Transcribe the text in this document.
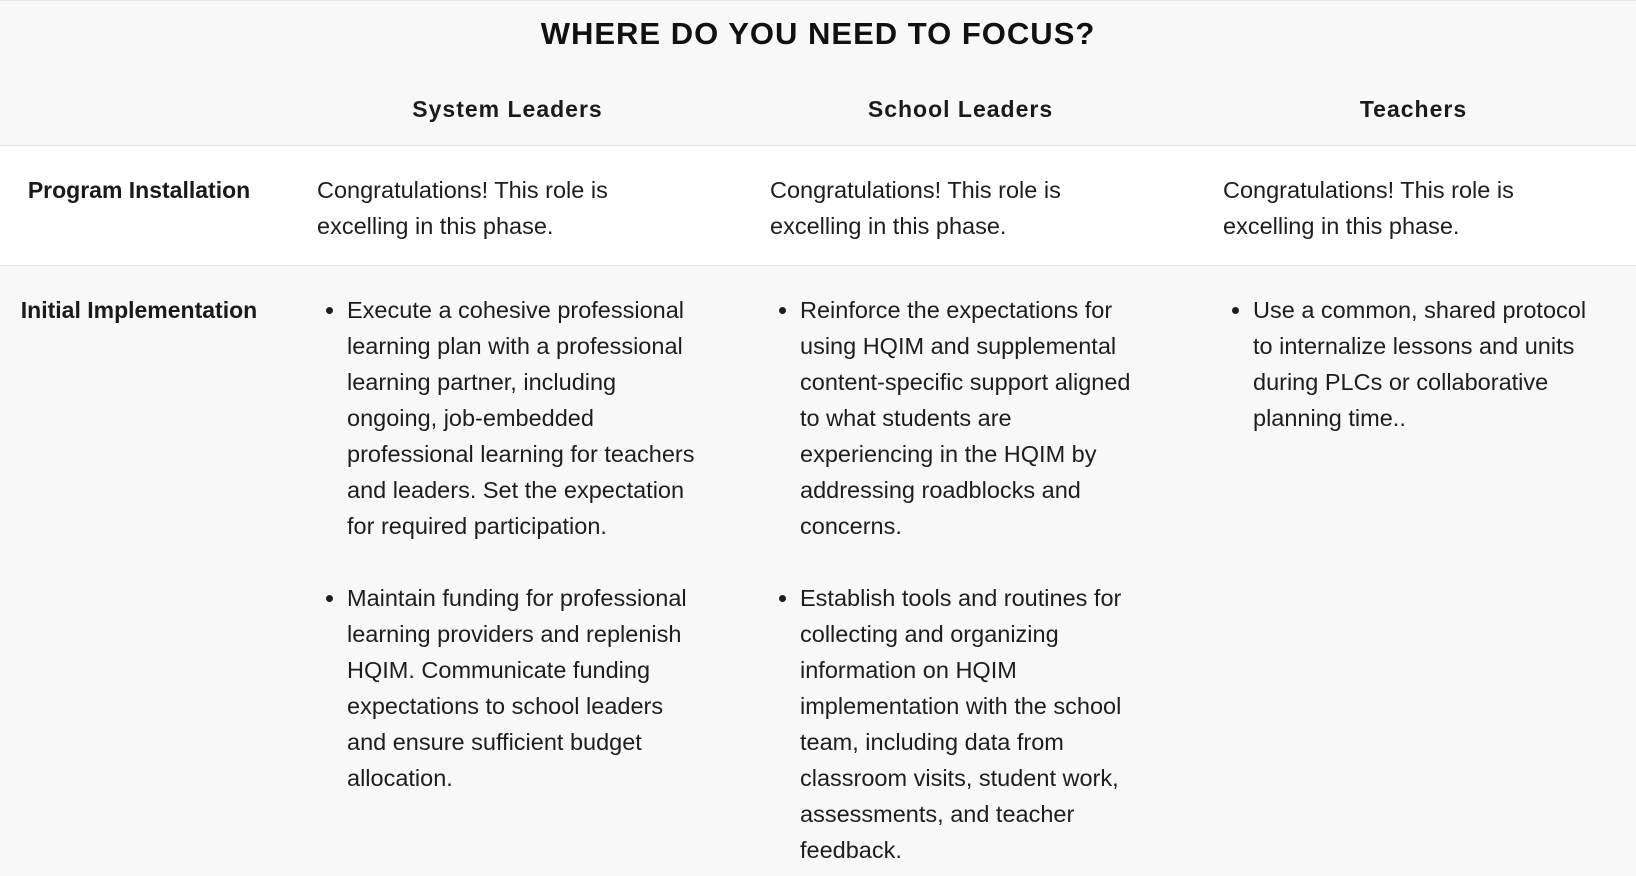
WHERE DO YOU NEED TO FOCUS?
System Leaders	School Leaders	Teachers
Program Installation	Congratulations! This role is excelling in this phase.

Congratulations! This role is excelling in this phase.

Congratulations! This role is excelling in this phase.

Initial Implementation
•	Execute a cohesive professional learning plan with a professional learning partner, including ongoing, job-embedded professional learning for teachers and leaders. Set the expectation for required participation.
• Maintain funding for professional learning providers and replenish HQIM. Communicate funding expectations to school leaders and ensure sufficient budget allocation.
• Reinforce the expectations for using HQIM and supplemental content-specific support aligned to what students are experiencing in the HQIM by addressing roadblocks and concerns.
• Establish tools and routines for collecting and organizing information on HQIM implementation with the school team, including data from classroom visits, student work, assessments, and teacher feedback.
• Use a common, shared protocol to internalize lessons and units during PLCs or collaborative planning time..
